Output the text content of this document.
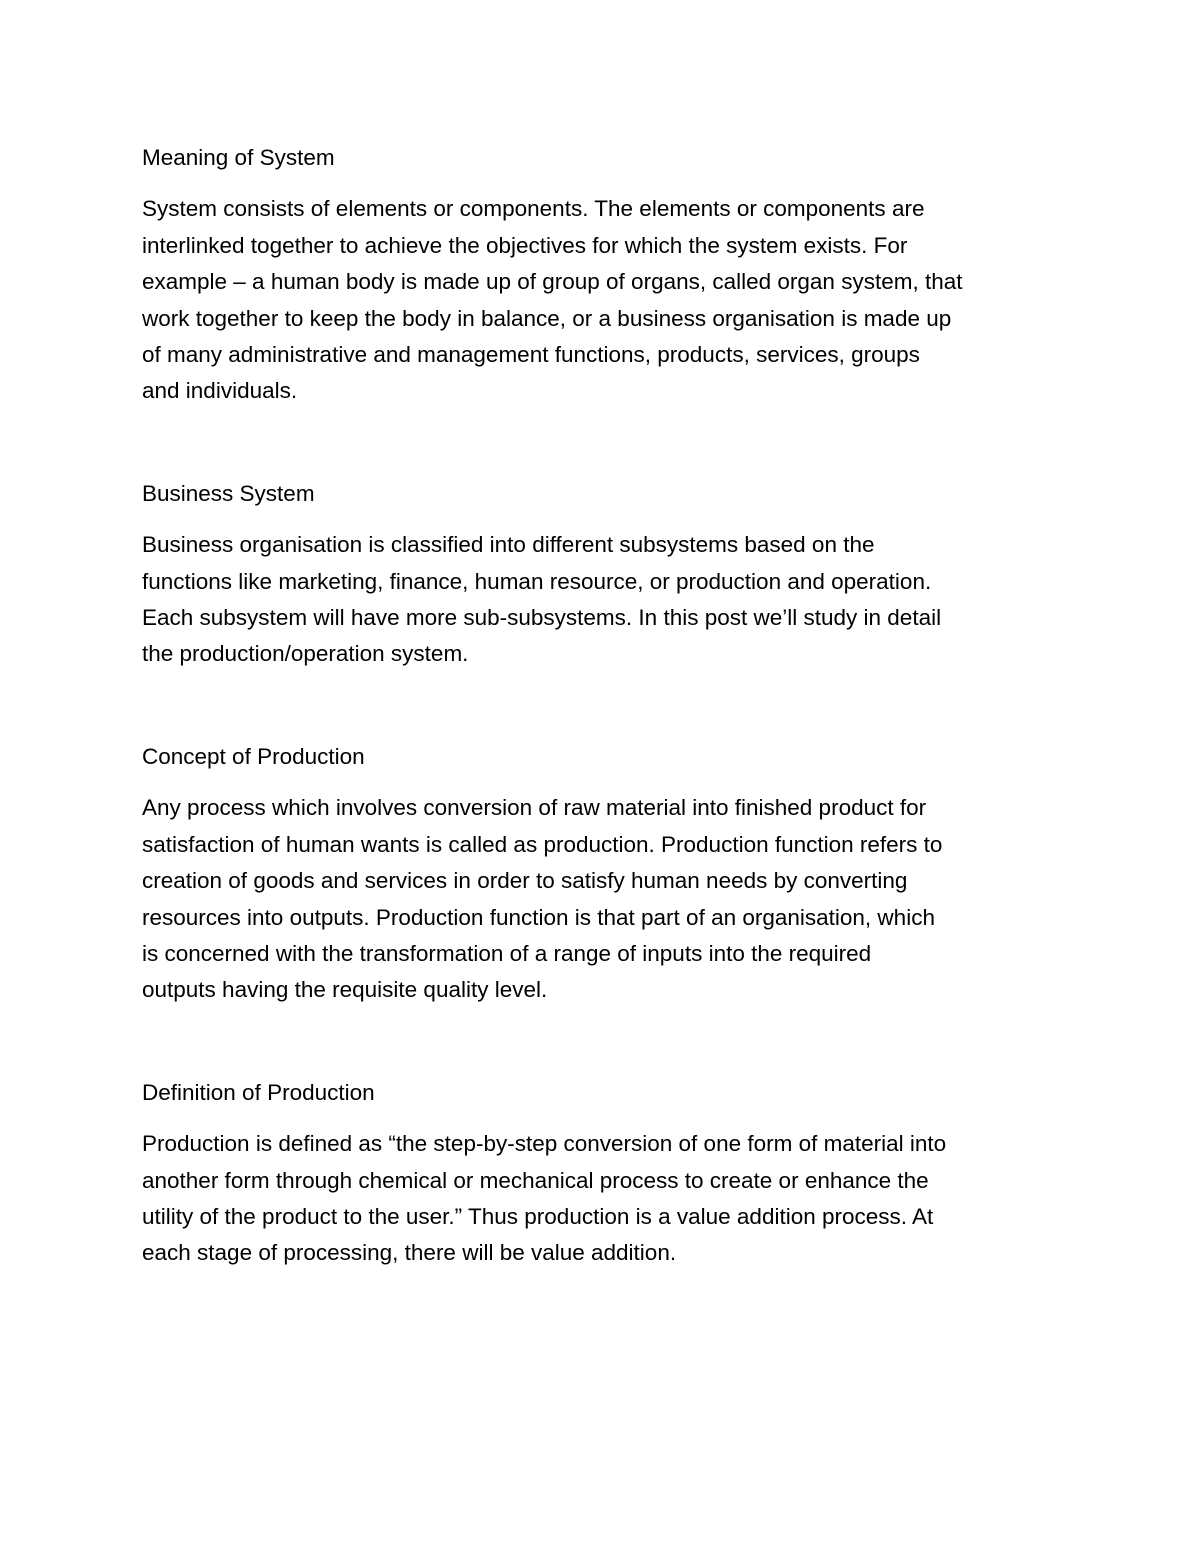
Meaning of System
System consists of elements or components. The elements or components are
interlinked together to achieve the objectives for which the system exists. For
example – a human body is made up of group of organs, called organ system, that
work together to keep the body in balance, or a business organisation is made up
of many administrative and management functions, products, services, groups
and individuals.
Business System
Business organisation is classified into different subsystems based on the
functions like marketing, finance, human resource, or production and operation.
Each subsystem will have more sub-subsystems. In this post we’ll study in detail
the production/operation system.
Concept of Production
Any process which involves conversion of raw material into finished product for
satisfaction of human wants is called as production. Production function refers to
creation of goods and services in order to satisfy human needs by converting
resources into outputs. Production function is that part of an organisation, which
is concerned with the transformation of a range of inputs into the required
outputs having the requisite quality level.
Definition of Production
Production is defined as “the step-by-step conversion of one form of material into
another form through chemical or mechanical process to create or enhance the
utility of the product to the user.” Thus production is a value addition process. At
each stage of processing, there will be value addition.
